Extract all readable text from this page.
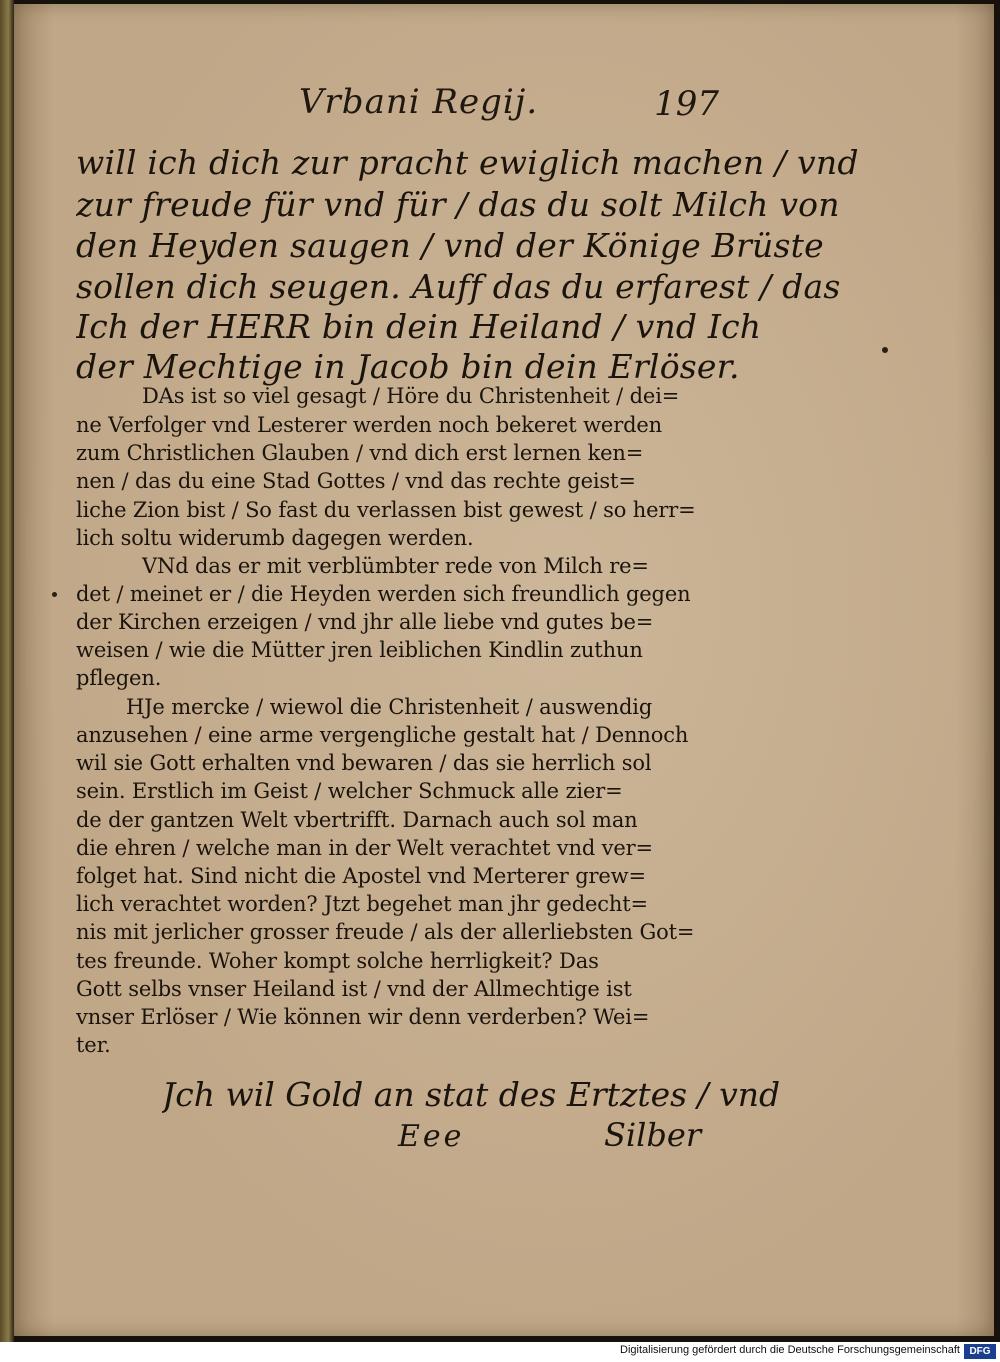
Vrbani Regij.	197
will ich dich zur pracht ewiglich machen / vnd
zur freude für vnd für / das du solt Milch von
den Heyden saugen / vnd der Könige Brüste
sollen dich seugen. Auff das du erfarest / das
Ich der HERR bin dein Heiland / vnd Ich
der Mechtige in Jacob bin dein Erlöser.
DAs ist so viel gesagt / Höre du Christenheit / dei=
ne Verfolger vnd Lesterer werden noch bekeret werden
zum Christlichen Glauben / vnd dich erst lernen ken=
nen / das du eine Stad Gottes / vnd das rechte geist=
liche Zion bist / So fast du verlassen bist gewest / so herr=
lich soltu widerumb dagegen werden.
VNd das er mit verblümbter rede von Milch re=
det / meinet er / die Heyden werden sich freundlich gegen
der Kirchen erzeigen / vnd jhr alle liebe vnd gutes be=
weisen / wie die Mütter jren leiblichen Kindlin zuthun
pflegen.
HJe mercke / wiewol die Christenheit / auswendig
anzusehen / eine arme vergengliche gestalt hat / Dennoch
wil sie Gott erhalten vnd bewaren / das sie herrlich sol
sein. Erstlich im Geist / welcher Schmuck alle zier=
de der gantzen Welt vbertrifft. Darnach auch sol man
die ehren / welche man in der Welt verachtet vnd ver=
folget hat. Sind nicht die Apostel vnd Merterer grew=
lich verachtet worden? Jtzt begehet man jhr gedecht=
nis mit jerlicher grosser freude / als der allerliebsten Got=
tes freunde. Woher kompt solche herrligkeit? Das
Gott selbs vnser Heiland ist / vnd der Allmechtige ist
vnser Erlöser / Wie können wir denn verderben? Wei=
ter.
Jch wil Gold an stat des Ertztes / vnd
Eee	Silber
Digitalisierung gefördert durch die Deutsche Forschungsgemeinschaft DFG
